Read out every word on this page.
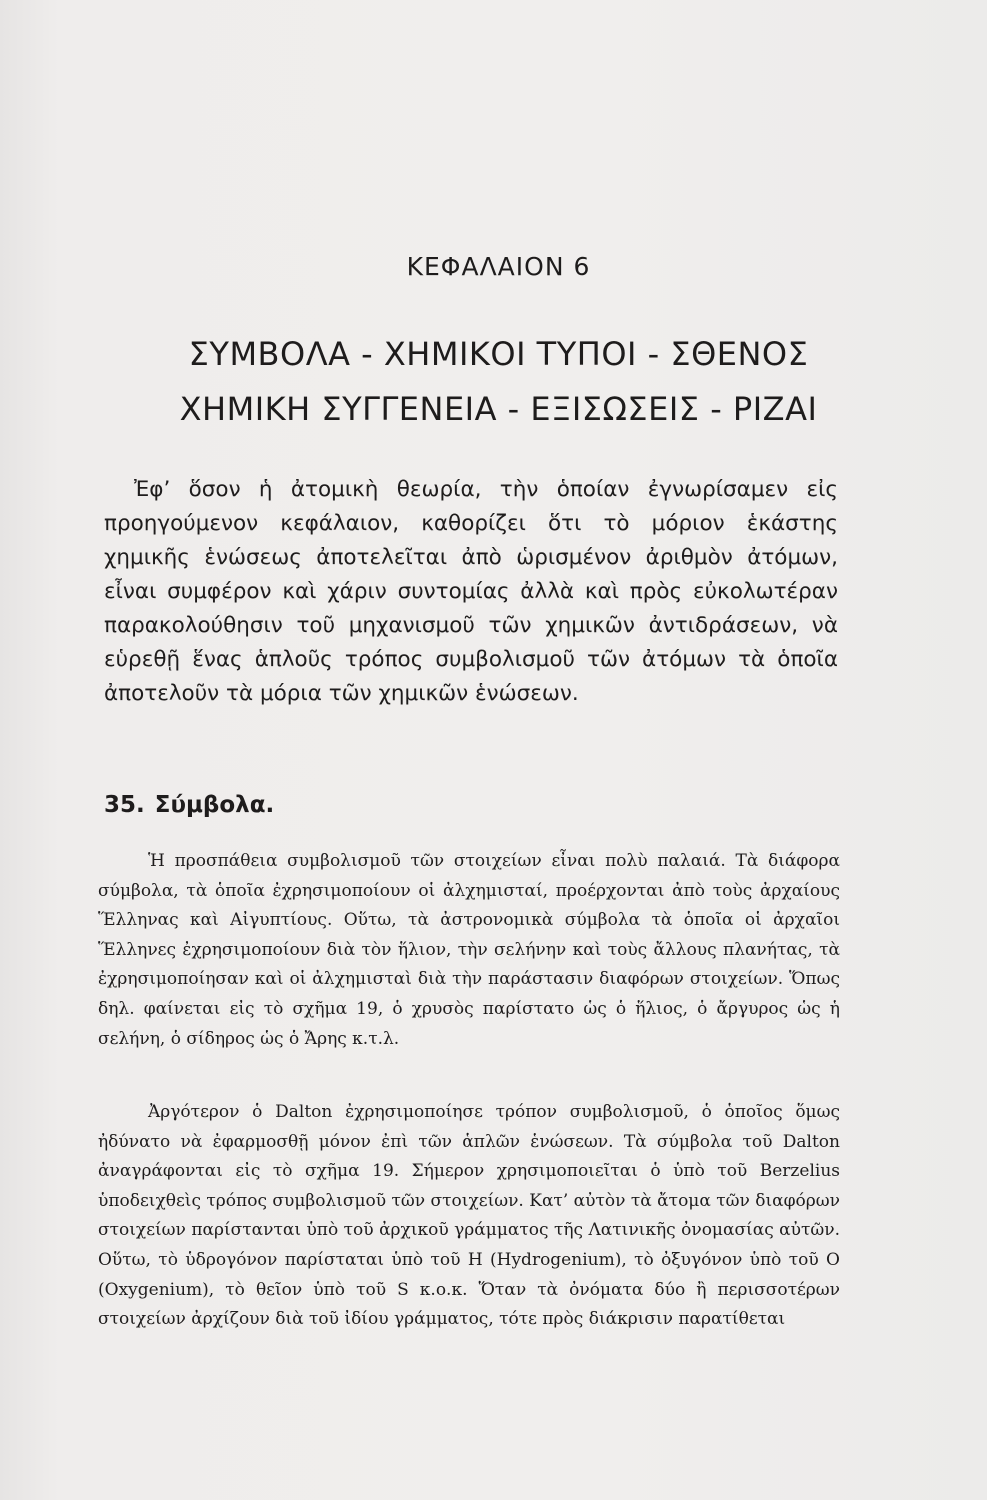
ΚΕΦΑΛΑΙΟΝ 6
ΣΥΜΒΟΛΑ - ΧΗΜΙΚΟΙ ΤΥΠΟΙ - ΣΘΕΝΟΣ
ΧΗΜΙΚΗ ΣΥΓΓΕΝΕΙΑ - ΕΞΙΣΩΣΕΙΣ - ΡΙΖΑΙ

Ἐφ’ ὅσον ἡ ἀτομικὴ θεωρία, τὴν ὁποίαν ἐγνωρίσαμεν εἰς προηγούμενον κεφάλαιον, καθορίζει ὅτι τὸ μόριον ἑκάστης χημικῆς ἑνώσεως ἀποτελεῖται ἀπὸ ὡρισμένον ἀριθμὸν ἀτόμων, εἶναι συμφέρον καὶ χάριν συντομίας ἀλλὰ καὶ πρὸς εὐκολωτέραν παρακολούθησιν τοῦ μηχανισμοῦ τῶν χημικῶν ἀντιδράσεων, νὰ εὑρεθῇ ἕνας ἁπλοῦς τρόπος συμβολισμοῦ τῶν ἀτόμων τὰ ὁποῖα ἀποτελοῦν τὰ μόρια τῶν χημικῶν ἑνώσεων.

35. Σύμβολα.

Ἡ προσπάθεια συμβολισμοῦ τῶν στοιχείων εἶναι πολὺ παλαιά. Τὰ διάφορα σύμβολα, τὰ ὁποῖα ἐχρησιμοποίουν οἱ ἀλχημισταί, προέρχονται ἀπὸ τοὺς ἀρχαίους Ἕλληνας καὶ Αἰγυπτίους. Οὕτω, τὰ ἀστρονομικὰ σύμβολα τὰ ὁποῖα οἱ ἀρχαῖοι Ἕλληνες ἐχρησιμοποίουν διὰ τὸν ἥλιον, τὴν σελήνην καὶ τοὺς ἄλλους πλανήτας, τὰ ἐχρησιμοποίησαν καὶ οἱ ἀλχημισταὶ διὰ τὴν παράστασιν διαφόρων στοιχείων. Ὅπως δηλ. φαίνεται εἰς τὸ σχῆμα 19, ὁ χρυσὸς παρίστατο ὡς ὁ ἥλιος, ὁ ἄργυρος ὡς ἡ σελήνη, ὁ σίδηρος ὡς ὁ Ἄρης κ.τ.λ.

Ἀργότερον ὁ Dalton ἐχρησιμοποίησε τρόπον συμβολισμοῦ, ὁ ὁποῖος ὅμως ἠδύνατο νὰ ἐφαρμοσθῇ μόνον ἐπὶ τῶν ἁπλῶν ἑνώσεων. Τὰ σύμβολα τοῦ Dalton ἀναγράφονται εἰς τὸ σχῆμα 19. Σήμερον χρησιμοποιεῖται ὁ ὑπὸ τοῦ Berzelius ὑποδειχθεὶς τρόπος συμβολισμοῦ τῶν στοιχείων. Κατ’ αὐτὸν τὰ ἄτομα τῶν διαφόρων στοιχείων παρίστανται ὑπὸ τοῦ ἀρχικοῦ γράμματος τῆς Λατινικῆς ὀνομασίας αὐτῶν. Οὕτω, τὸ ὑδρογόνον παρίσταται ὑπὸ τοῦ H (Hydrogenium), τὸ ὀξυγόνον ὑπὸ τοῦ O (Oxygenium), τὸ θεῖον ὑπὸ τοῦ S κ.ο.κ. Ὅταν τὰ ὀνόματα δύο ἢ περισσοτέρων στοιχείων ἀρχίζουν διὰ τοῦ ἰδίου γράμματος, τότε πρὸς διάκρισιν παρατίθεται
